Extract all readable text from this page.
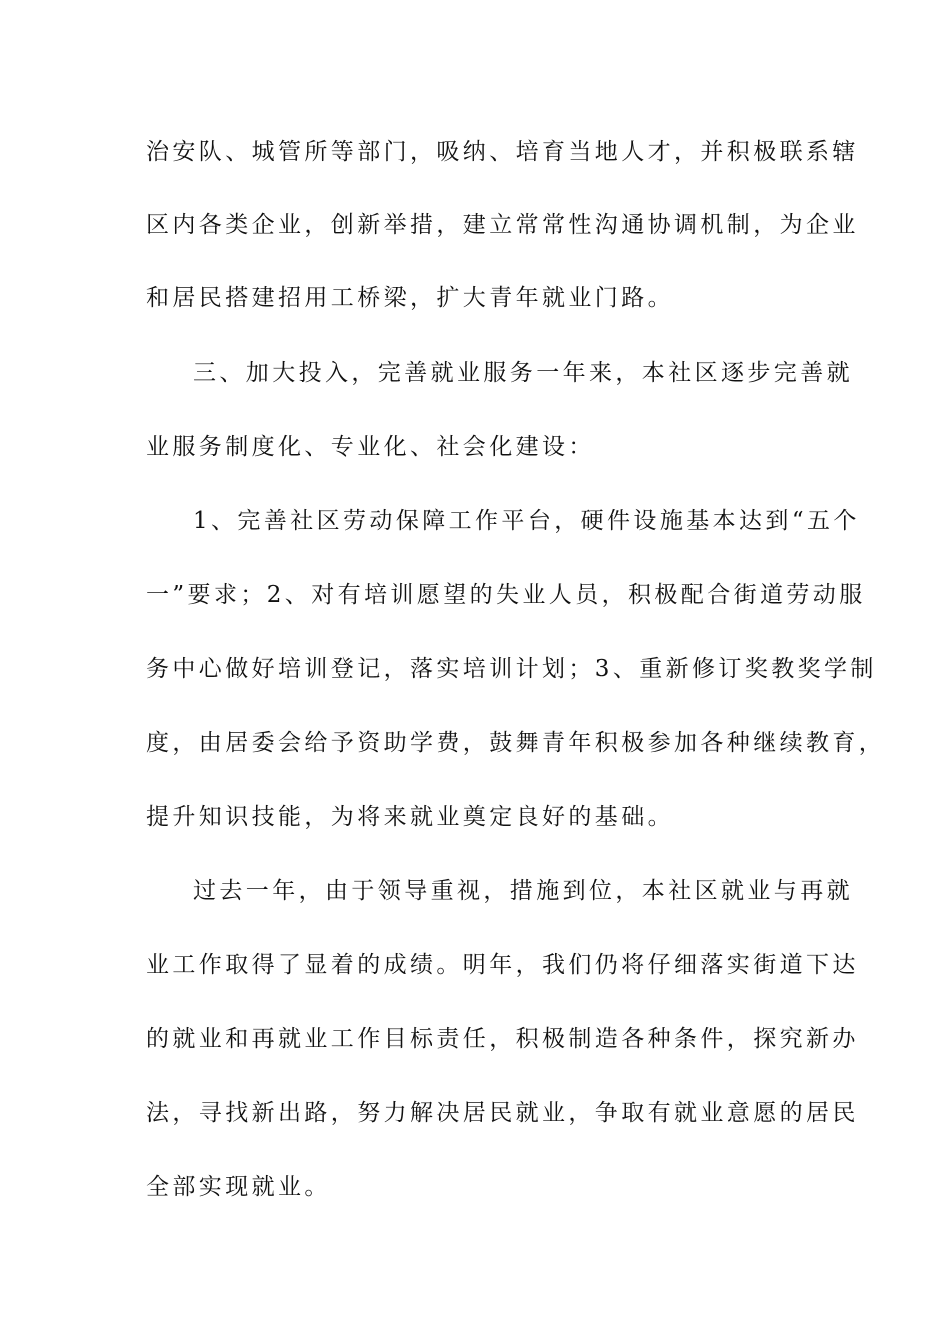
治安队、城管所等部门，吸纳、培育当地人才，并积极联系辖
区内各类企业，创新举措，建立常常性沟通协调机制，为企业
和居民搭建招用工桥梁，扩大青年就业门路。
三、加大投入，完善就业服务一年来，本社区逐步完善就
业服务制度化、专业化、社会化建设：
1、完善社区劳动保障工作平台，硬件设施基本达到“五个
一”要求；2、对有培训愿望的失业人员，积极配合街道劳动服
务中心做好培训登记，落实培训计划；3、重新修订奖教奖学制
度，由居委会给予资助学费，鼓舞青年积极参加各种继续教育，
提升知识技能，为将来就业奠定良好的基础。
过去一年，由于领导重视，措施到位，本社区就业与再就
业工作取得了显着的成绩。明年，我们仍将仔细落实街道下达
的就业和再就业工作目标责任，积极制造各种条件，探究新办
法，寻找新出路，努力解决居民就业，争取有就业意愿的居民
全部实现就业。
